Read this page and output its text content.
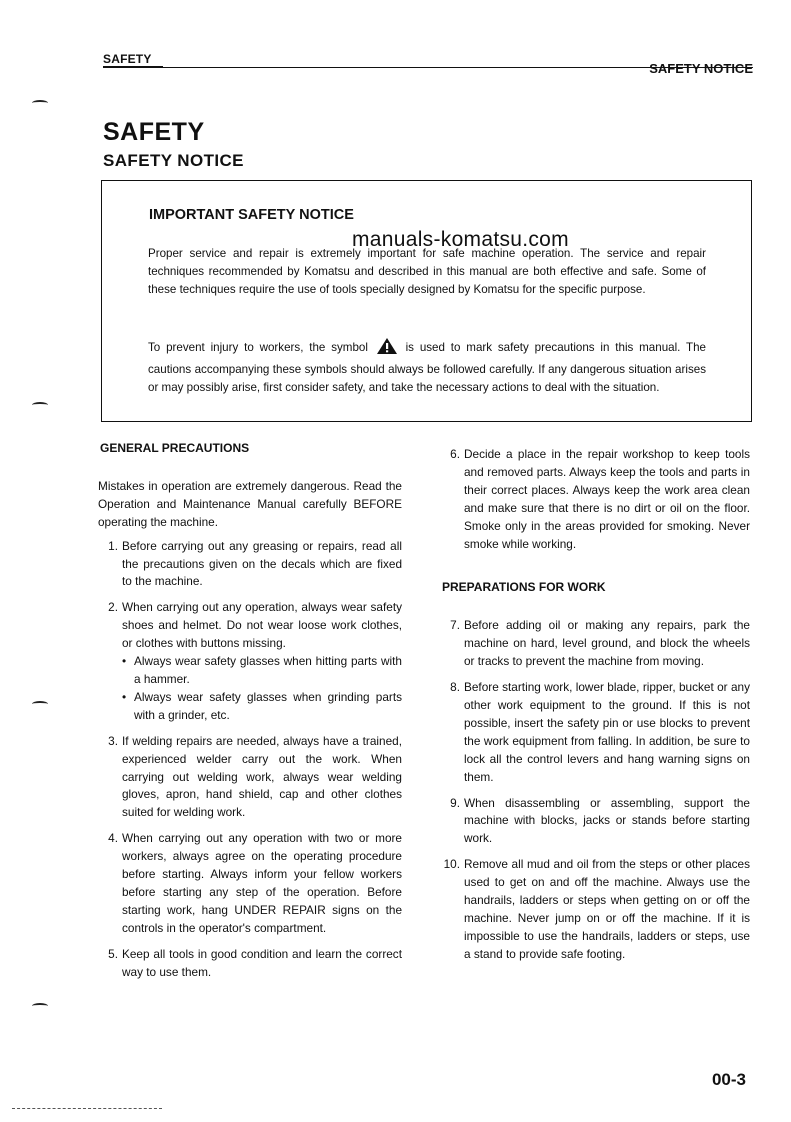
SAFETY
SAFETY NOTICE
SAFETY
SAFETY NOTICE
IMPORTANT SAFETY NOTICE
Proper service and repair is extremely important for safe machine operation. The service and repair techniques recommended by Komatsu and described in this manual are both effective and safe. Some of these techniques require the use of tools specially designed by Komatsu for the specific purpose.
To prevent injury to workers, the symbol	is used to mark safety precautions in this manual. The cautions accompanying these symbols should always be followed carefully. If any dangerous situation arises or may possibly arise, first consider safety, and take the necessary actions to deal with the situation.
manuals-komatsu.com
GENERAL PRECAUTIONS
Mistakes in operation are extremely dangerous. Read the Operation and Maintenance Manual carefully BEFORE operating the machine.
1. Before carrying out any greasing or repairs, read all the precautions given on the decals which are fixed to the machine.
2. When carrying out any operation, always wear safety shoes and helmet. Do not wear loose work clothes, or clothes with buttons missing.
• Always wear safety glasses when hitting parts with a hammer.
• Always wear safety glasses when grinding parts with a grinder, etc.
3. If welding repairs are needed, always have a trained, experienced welder carry out the work. When carrying out welding work, always wear welding gloves, apron, hand shield, cap and other clothes suited for welding work.
4. When carrying out any operation with two or more workers, always agree on the operating procedure before starting. Always inform your fellow workers before starting any step of the operation. Before starting work, hang UNDER REPAIR signs on the controls in the operator's compartment.
5. Keep all tools in good condition and learn the correct way to use them.
6. Decide a place in the repair workshop to keep tools and removed parts. Always keep the tools and parts in their correct places. Always keep the work area clean and make sure that there is no dirt or oil on the floor. Smoke only in the areas provided for smoking. Never smoke while working.
PREPARATIONS FOR WORK
7. Before adding oil or making any repairs, park the machine on hard, level ground, and block the wheels or tracks to prevent the machine from moving.
8. Before starting work, lower blade, ripper, bucket or any other work equipment to the ground. If this is not possible, insert the safety pin or use blocks to prevent the work equipment from falling. In addition, be sure to lock all the control levers and hang warning signs on them.
9. When disassembling or assembling, support the machine with blocks, jacks or stands before starting work.
10. Remove all mud and oil from the steps or other places used to get on and off the machine. Always use the handrails, ladders or steps when getting on or off the machine. Never jump on or off the machine. If it is impossible to use the handrails, ladders or steps, use a stand to provide safe footing.
00-3
